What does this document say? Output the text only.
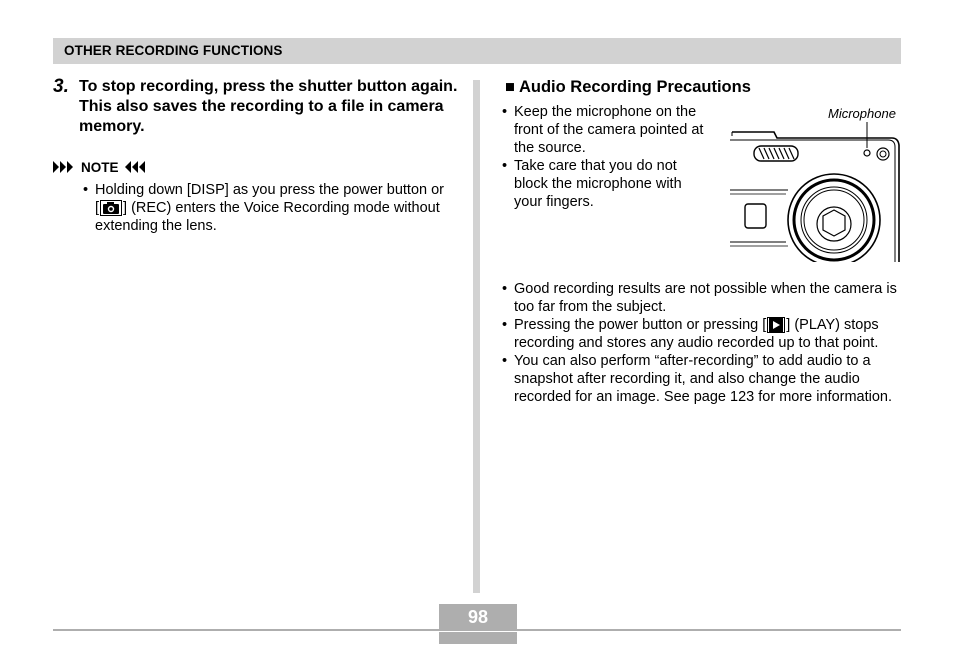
OTHER RECORDING FUNCTIONS
3. To stop recording, press the shutter button again. This also saves the recording to a file in camera memory.
NOTE
• Holding down [DISP] as you press the power button or [ ] (REC) enters the Voice Recording mode without extending the lens.
■ Audio Recording Precautions
• Keep the microphone on the front of the camera pointed at the source.
• Take care that you do not block the microphone with your fingers.
Microphone
• Good recording results are not possible when the camera is too far from the subject.
• Pressing the power button or pressing [ ] (PLAY) stops recording and stores any audio recorded up to that point.
• You can also perform “after-recording” to add audio to a snapshot after recording it, and also change the audio recorded for an image. See page 123 for more information.
98
